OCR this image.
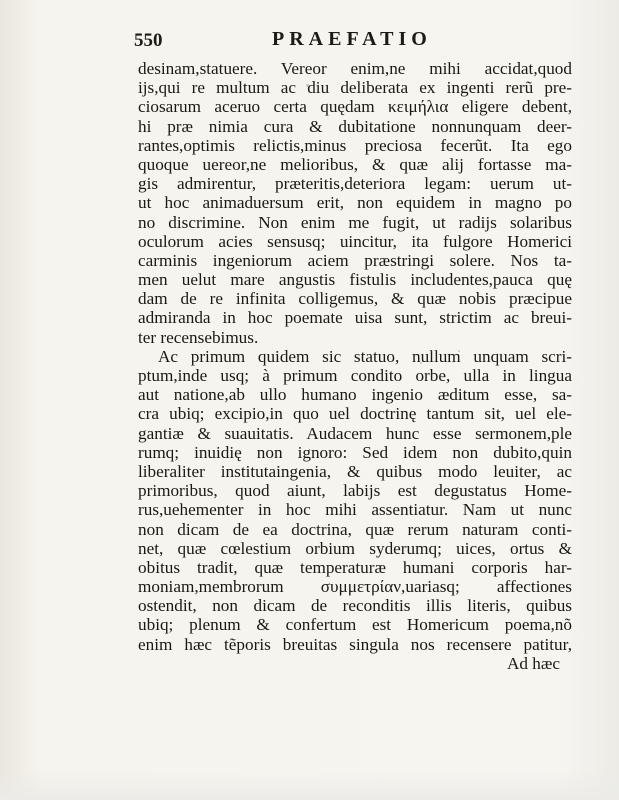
550	PRAEFATIO
desinam,statuere. Vereor enim,ne mihi accidat,quod
ijs,qui re multum ac diu deliberata ex ingenti rerũ pre-
ciosarum aceruo certa quędam κειμήλια eligere debent,
hi præ nimia cura & dubitatione nonnunquam deer-
rantes,optimis relictis,minus preciosa fecerũt. Ita ego
quoque uereor,ne melioribus, & quæ alij fortasse ma-
gis admirentur, præteritis,deteriora legam: uerum ut-
ut hoc animaduersum erit, non equidem in magno po
no discrimine. Non enim me fugit, ut radijs solaribus
oculorum acies sensusq; uincitur, ita fulgore Homerici
carminis ingeniorum aciem præstringi solere. Nos ta-
men uelut mare angustis fistulis includentes,pauca quę
dam de re infinita colligemus, & quæ nobis præcipue
admiranda in hoc poemate uisa sunt, strictim ac breui-
ter recensebimus.
Ac primum quidem sic statuo, nullum unquam scri-
ptum,inde usq; à primum condito orbe, ulla in lingua
aut natione,ab ullo humano ingenio æditum esse, sa-
cra ubiq; excipio,in quo uel doctrinę tantum sit, uel ele-
gantiæ & suauitatis. Audacem hunc esse sermonem,ple
rumq; inuidię non ignoro: Sed idem non dubito,quin
liberaliter institutaingenia, & quibus modo leuiter, ac
primoribus, quod aiunt, labijs est degustatus Home-
rus,uehementer in hoc mihi assentiatur. Nam ut nunc
non dicam de ea doctrina, quæ rerum naturam conti-
net, quæ cœlestium orbium syderumq; uices, ortus &
obitus tradit, quæ temperaturæ humani corporis har-
moniam,membrorum συμμετρίαν,uariasq; affectiones
ostendit, non dicam de reconditis illis literis, quibus
ubiq; plenum & confertum est Homericum poema,nõ
enim hæc tẽporis breuitas singula nos recensere patitur,
Ad hæc
